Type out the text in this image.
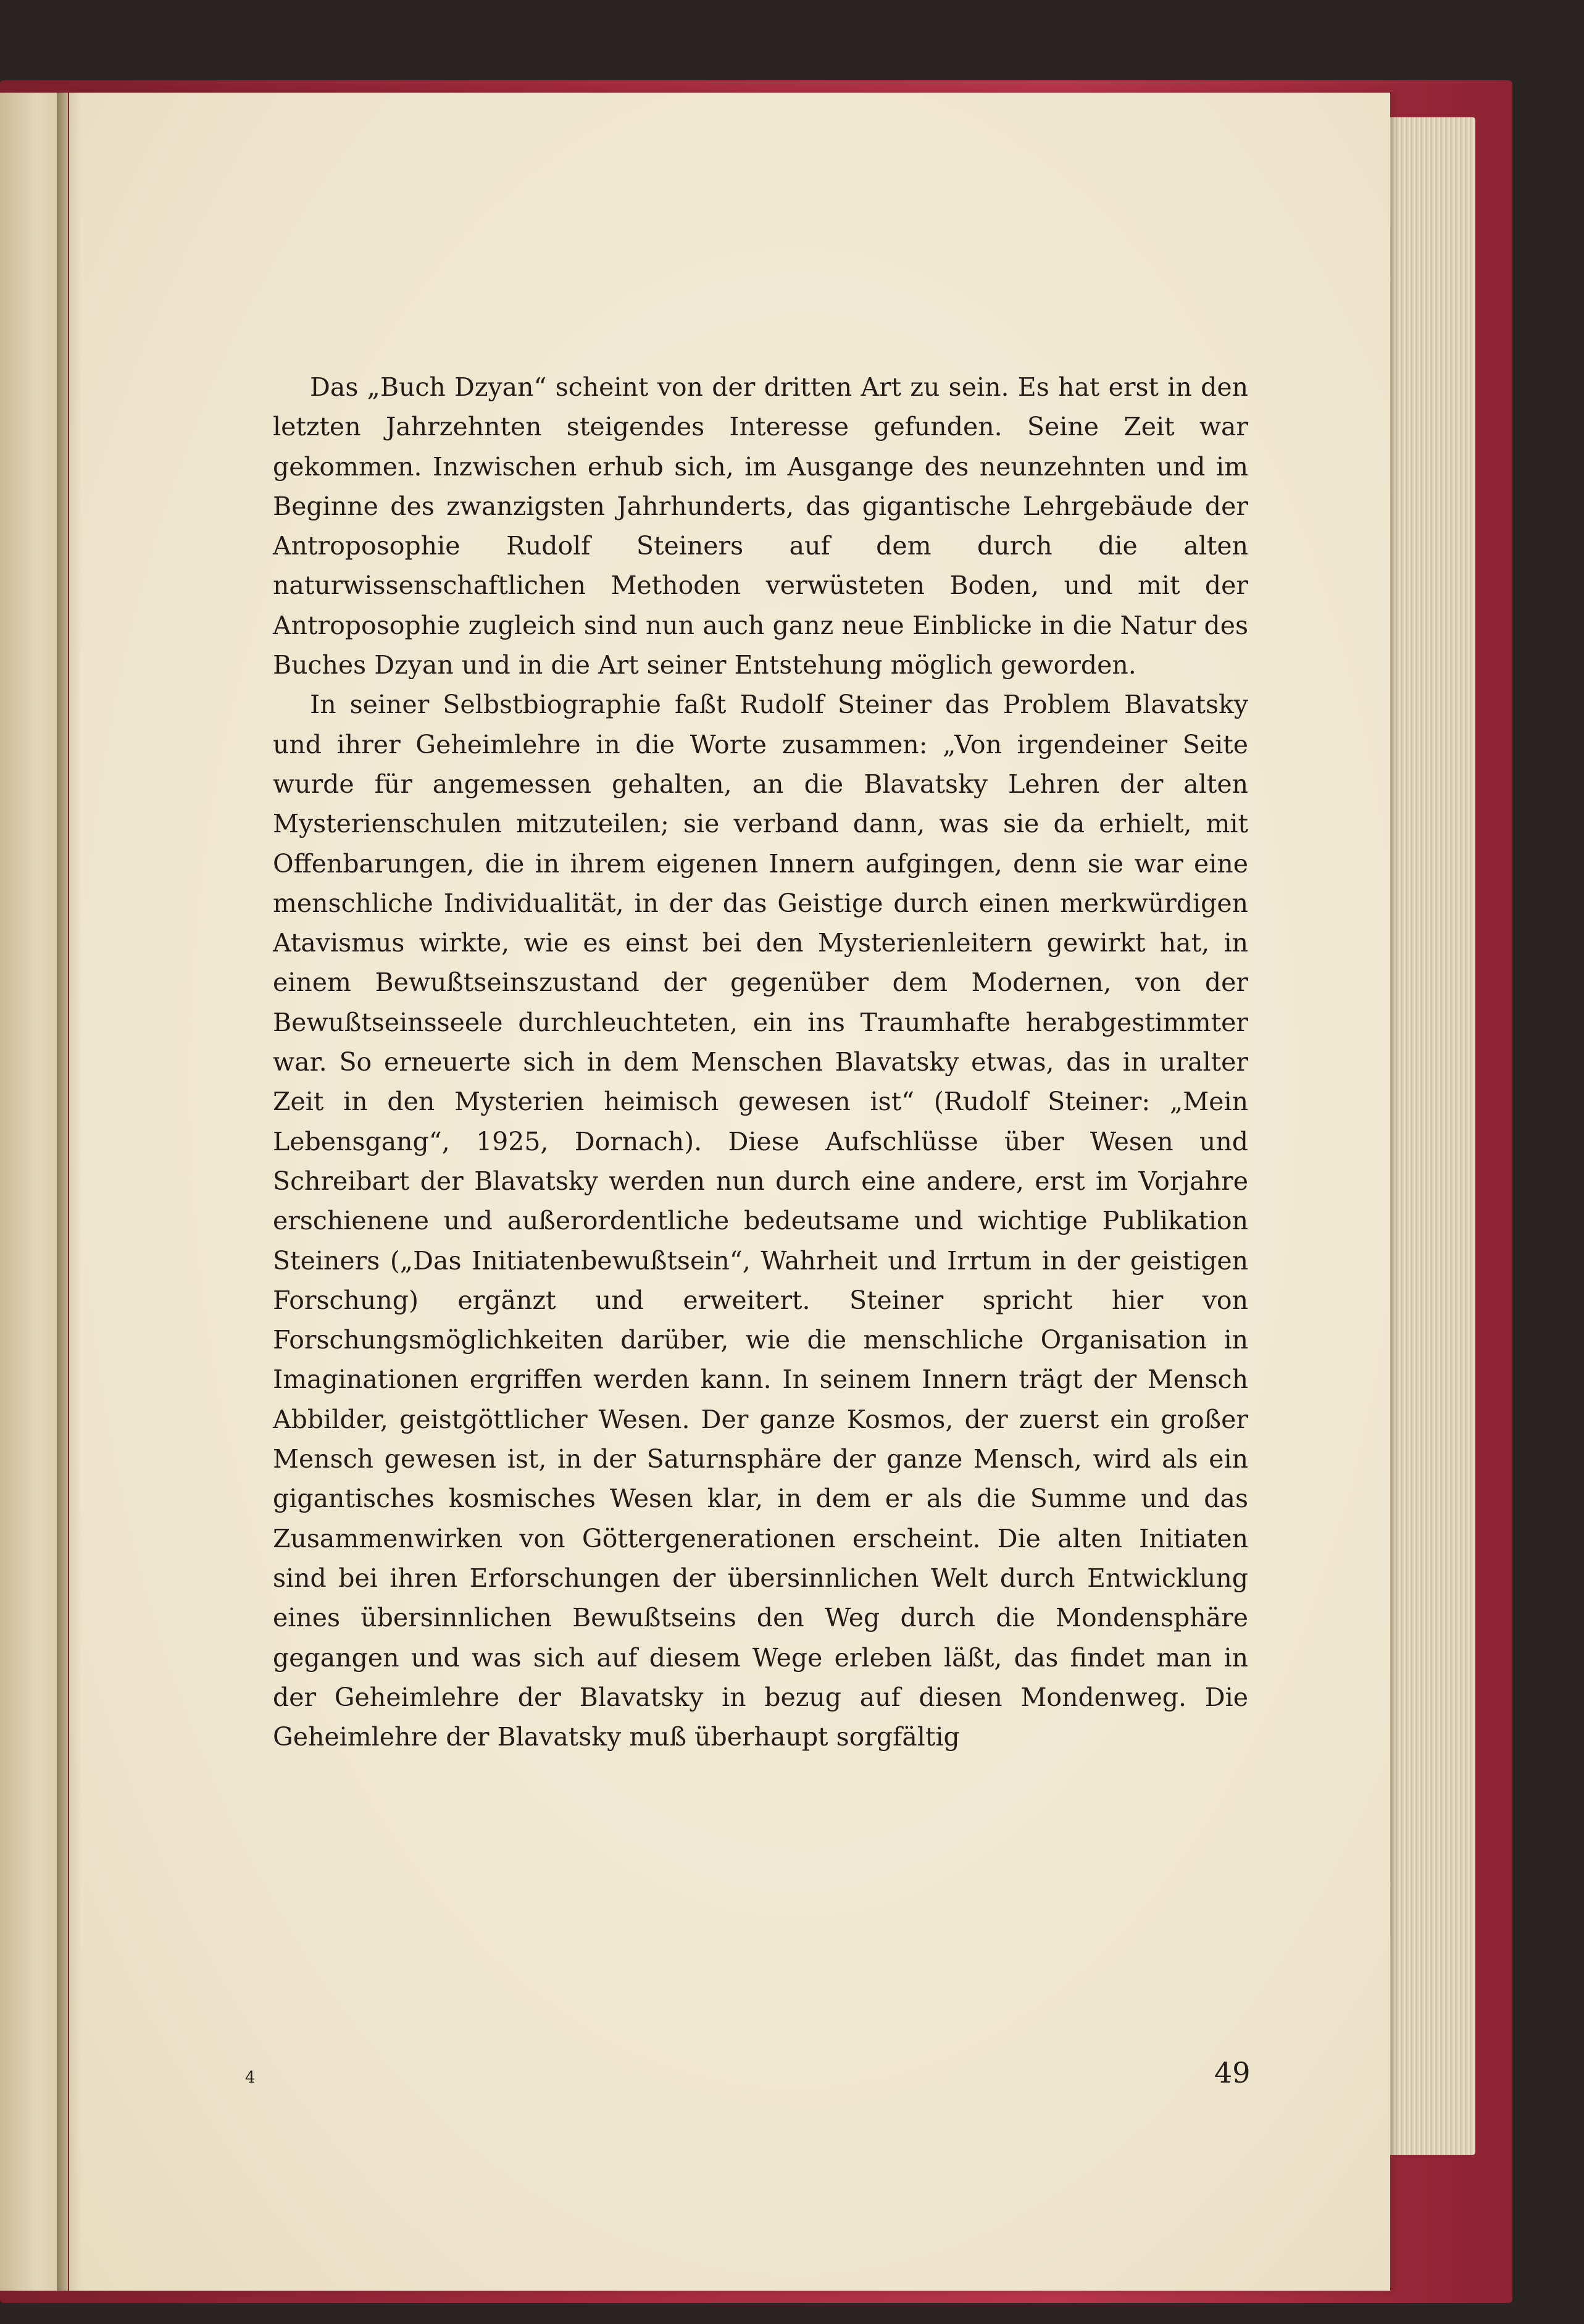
Das „Buch Dzyan“ scheint von der dritten Art zu sein. Es hat erst in den letzten Jahrzehnten steigendes Interesse gefunden. Seine Zeit war gekommen. Inzwischen erhub sich, im Ausgange des neunzehnten und im Beginne des zwanzigsten Jahrhunderts, das gigantische Lehrgebäude der Antroposophie Rudolf Steiners auf dem durch die alten naturwissenschaftlichen Methoden verwüsteten Boden, und mit der Antroposophie zugleich sind nun auch ganz neue Einblicke in die Natur des Buches Dzyan und in die Art seiner Entstehung möglich geworden.

In seiner Selbstbiographie faßt Rudolf Steiner das Problem Blavatsky und ihrer Geheimlehre in die Worte zusammen: „Von irgendeiner Seite wurde für angemessen gehalten, an die Blavatsky Lehren der alten Mysterienschulen mitzuteilen; sie verband dann, was sie da erhielt, mit Offenbarungen, die in ihrem eigenen Innern aufgingen, denn sie war eine menschliche Individualität, in der das Geistige durch einen merkwürdigen Atavismus wirkte, wie es einst bei den Mysterienleitern gewirkt hat, in einem Bewußtseinszustand der gegenüber dem Modernen, von der Bewußtseinsseele durchleuchteten, ein ins Traumhafte herabgestimmter war. So erneuerte sich in dem Menschen Blavatsky etwas, das in uralter Zeit in den Mysterien heimisch gewesen ist“ (Rudolf Steiner: „Mein Lebensgang“, 1925, Dornach). Diese Aufschlüsse über Wesen und Schreibart der Blavatsky werden nun durch eine andere, erst im Vorjahre erschienene und außerordentliche bedeutsame und wichtige Publikation Steiners („Das Initiatenbewußtsein“, Wahrheit und Irrtum in der geistigen Forschung) ergänzt und erweitert. Steiner spricht hier von Forschungsmöglichkeiten darüber, wie die menschliche Organisation in Imaginationen ergriffen werden kann. In seinem Innern trägt der Mensch Abbilder, geistgöttlicher Wesen. Der ganze Kosmos, der zuerst ein großer Mensch gewesen ist, in der Saturnsphäre der ganze Mensch, wird als ein gigantisches kosmisches Wesen klar, in dem er als die Summe und das Zusammenwirken von Göttergenerationen erscheint. Die alten Initiaten sind bei ihren Erforschungen der übersinnlichen Welt durch Entwicklung eines übersinnlichen Bewußtseins den Weg durch die Mondensphäre gegangen und was sich auf diesem Wege erleben läßt, das findet man in der Geheimlehre der Blavatsky in bezug auf diesen Mondenweg. Die Geheimlehre der Blavatsky muß überhaupt sorgfältig

4	49
